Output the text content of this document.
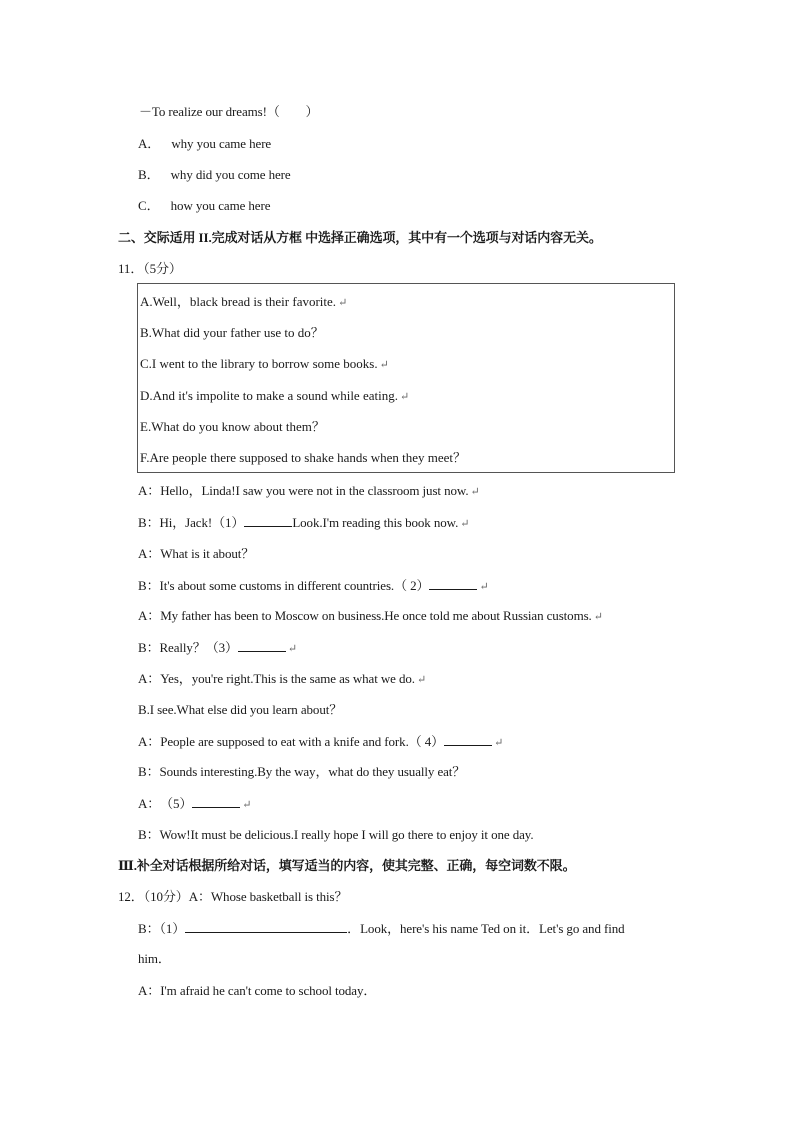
－To realize our dreams!（　　）
A． why you came here
B． why did you come here
C． how you came here
二、交际适用 II.完成对话从方框 中选择正确选项，其中有一个选项与对话内容无关。
11．（5分）
A.Well，black bread is their favorite. ↵
B.What did your father use to do？
C.I went to the library to borrow some books. ↵
D.And it's impolite to make a sound while eating. ↵
E.What do you know about them？
F.Are people there supposed to shake hands when they meet？
A：Hello，Linda!I saw you were not in the classroom just now. ↵
B：Hi，Jack!（1）	Look.I'm reading this book now. ↵
A：What is it about？
B：It's about some customs in different countries.（ 2）	↵
A：My father has been to Moscow on business.He once told me about Russian customs. ↵
B：Really？（3）	↵
A：Yes，you're right.This is the same as what we do. ↵
B.I see.What else did you learn about？
A：People are supposed to eat with a knife and fork.（ 4）	↵
B：Sounds interesting.By the way，what do they usually eat？
A：　（5）	↵
B：Wow!It must be delicious.I really hope I will go there to enjoy it one day.
Ⅲ.补全对话根据所给对话，填写适当的内容，使其完整、正确，每空词数不限。
12．（10分）A：Whose basketball is this？
B：（1）	．Look，here's his name Ted on it．Let's go and find
him．
A：I'm afraid he can't come to school today．
